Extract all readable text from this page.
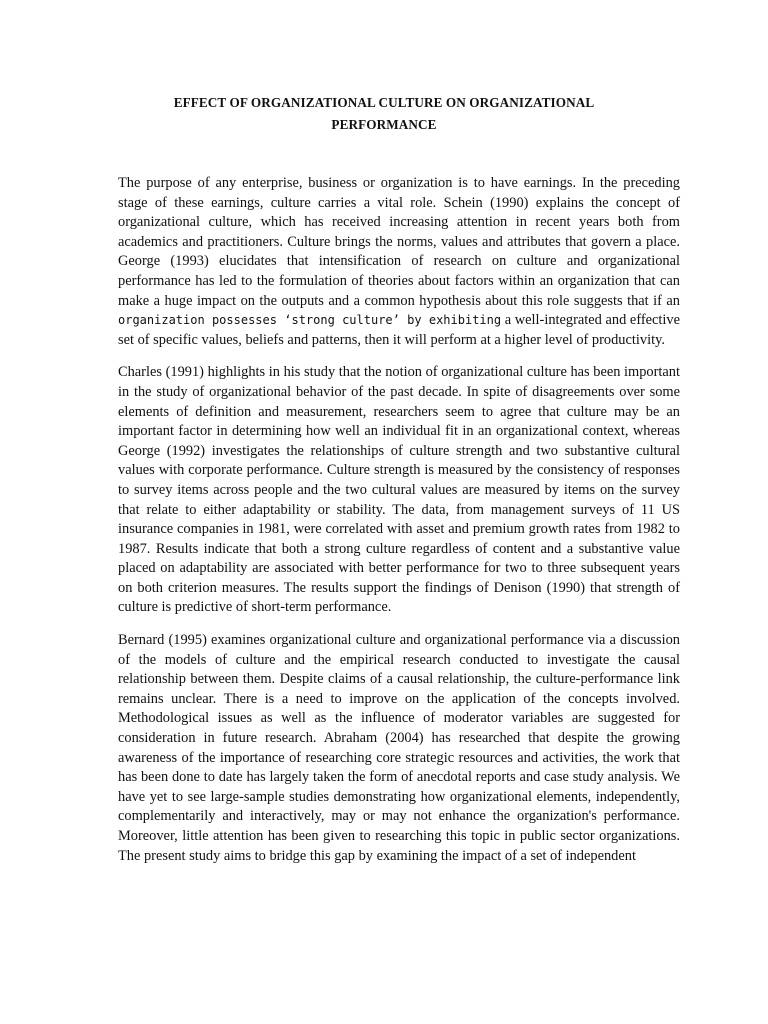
EFFECT OF ORGANIZATIONAL CULTURE ON ORGANIZATIONAL
PERFORMANCE

The purpose of any enterprise, business or organization is to have earnings. In the preceding stage of these earnings, culture carries a vital role. Schein (1990) explains the concept of organizational culture, which has received increasing attention in recent years both from academics and practitioners. Culture brings the norms, values and attributes that govern a place. George (1993) elucidates that intensification of research on culture and organizational performance has led to the formulation of theories about factors within an organization that can make a huge impact on the outputs and a common hypothesis about this role suggests that if an organization possesses ‘strong culture’ by exhibiting a well-integrated and effective set of specific values, beliefs and patterns, then it will perform at a higher level of productivity.

Charles (1991) highlights in his study that the notion of organizational culture has been important in the study of organizational behavior of the past decade. In spite of disagreements over some elements of definition and measurement, researchers seem to agree that culture may be an important factor in determining how well an individual fit in an organizational context, whereas George (1992) investigates the relationships of culture strength and two substantive cultural values with corporate performance. Culture strength is measured by the consistency of responses to survey items across people and the two cultural values are measured by items on the survey that relate to either adaptability or stability. The data, from management surveys of 11 US insurance companies in 1981, were correlated with asset and premium growth rates from 1982 to 1987. Results indicate that both a strong culture regardless of content and a substantive value placed on adaptability are associated with better performance for two to three subsequent years on both criterion measures. The results support the findings of Denison (1990) that strength of culture is predictive of short-term performance.

Bernard (1995) examines organizational culture and organizational performance via a discussion of the models of culture and the empirical research conducted to investigate the causal relationship between them. Despite claims of a causal relationship, the culture-performance link remains unclear. There is a need to improve on the application of the concepts involved. Methodological issues as well as the influence of moderator variables are suggested for consideration in future research. Abraham (2004) has researched that despite the growing awareness of the importance of researching core strategic resources and activities, the work that has been done to date has largely taken the form of anecdotal reports and case study analysis. We have yet to see large-sample studies demonstrating how organizational elements, independently, complementarily and interactively, may or may not enhance the organization's performance. Moreover, little attention has been given to researching this topic in public sector organizations. The present study aims to bridge this gap by examining the impact of a set of independent
